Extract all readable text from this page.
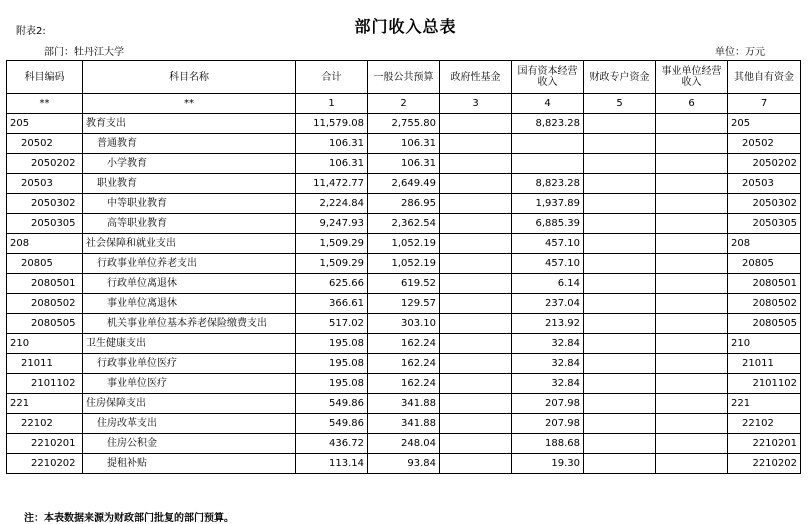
附表2:	部门收入总表
部门：牡丹江大学	单位：万元
科目编码	科目名称	合计	一般公共预算	政府性基金	国有资本经营收入	财政专户资金	事业单位经营收入	其他自有资金
**	**	1	2	3	4	5	6	7
205	教育支出	11,579.08	2,755.80		8,823.28			205
20502	普通教育	106.31	106.31					20502
2050202	小学教育	106.31	106.31					2050202
20503	职业教育	11,472.77	2,649.49		8,823.28			20503
2050302	中等职业教育	2,224.84	286.95		1,937.89			2050302
2050305	高等职业教育	9,247.93	2,362.54		6,885.39			2050305
208	社会保障和就业支出	1,509.29	1,052.19		457.10			208
20805	行政事业单位养老支出	1,509.29	1,052.19		457.10			20805
2080501	行政单位离退休	625.66	619.52		6.14			2080501
2080502	事业单位离退休	366.61	129.57		237.04			2080502
2080505	机关事业单位基本养老保险缴费支出	517.02	303.10		213.92			2080505
210	卫生健康支出	195.08	162.24		32.84			210
21011	行政事业单位医疗	195.08	162.24		32.84			21011
2101102	事业单位医疗	195.08	162.24		32.84			2101102
221	住房保障支出	549.86	341.88		207.98			221
22102	住房改革支出	549.86	341.88		207.98			22102
2210201	住房公积金	436.72	248.04		188.68			2210201
2210202	提租补贴	113.14	93.84		19.30			2210202
注：本表数据来源为财政部门批复的部门预算。
